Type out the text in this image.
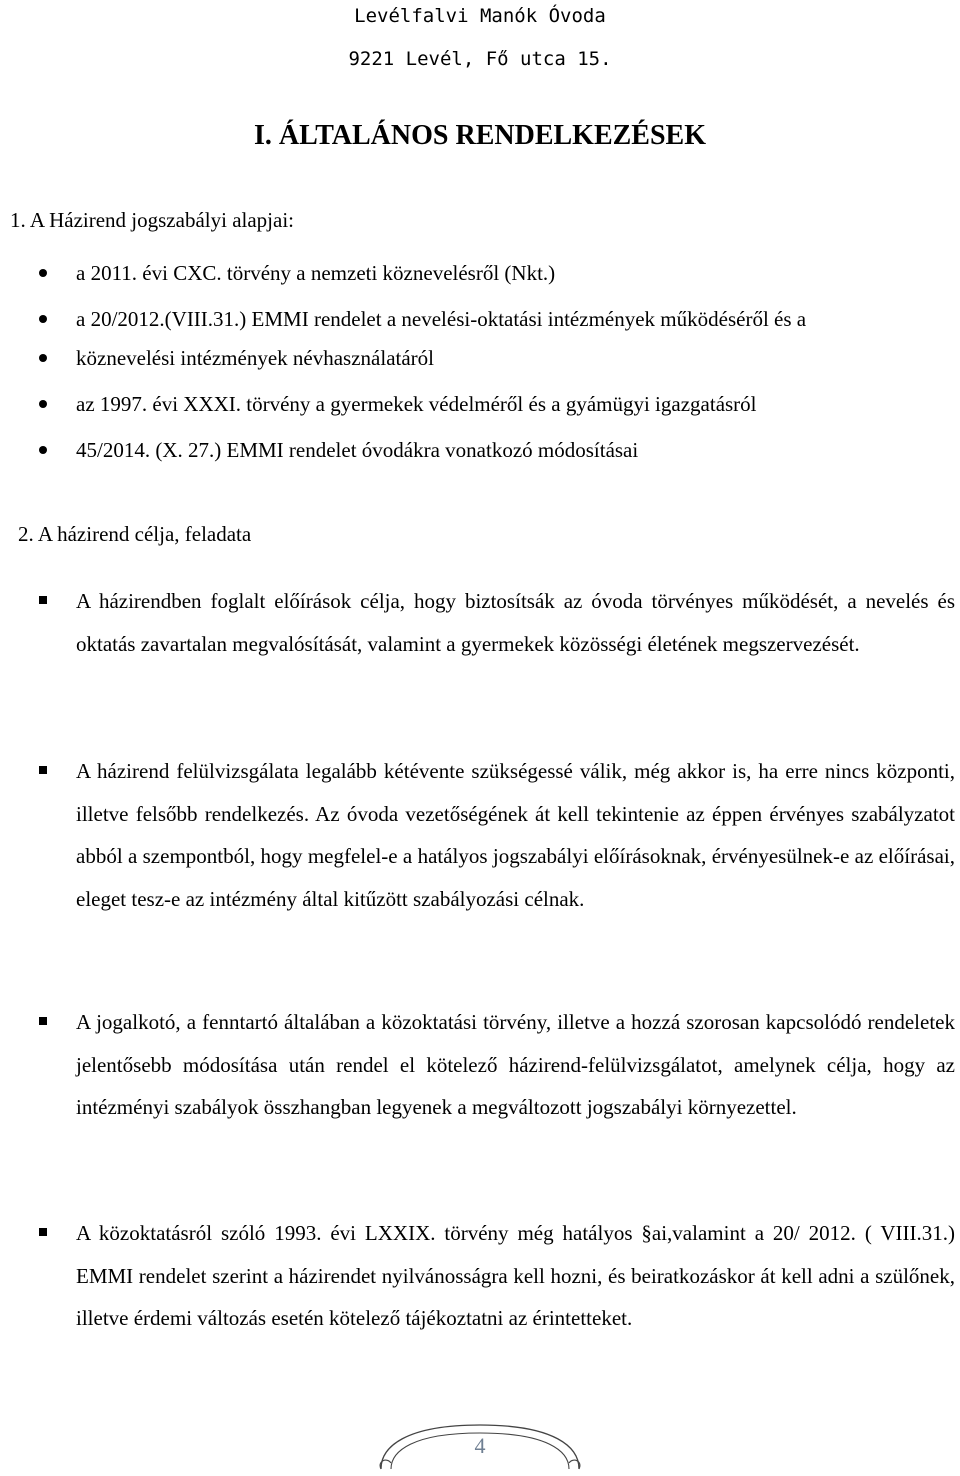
Levélfalvi Manók Óvoda
9221 Levél, Fő utca 15.
I. ÁLTALÁNOS RENDELKEZÉSEK
1. A Házirend jogszabályi alapjai:
a 2011. évi CXC. törvény a nemzeti köznevelésről (Nkt.)
a 20/2012.(VIII.31.) EMMI rendelet a nevelési-oktatási intézmények működéséről és a
köznevelési intézmények névhasználatáról
az 1997. évi XXXI. törvény a gyermekek védelméről és a gyámügyi igazgatásról
45/2014. (X. 27.) EMMI rendelet óvodákra vonatkozó módosításai
2. A házirend célja, feladata
A házirendben foglalt előírások célja, hogy biztosítsák az óvoda törvényes működését, a nevelés és oktatás zavartalan megvalósítását, valamint a gyermekek közösségi életének megszervezését.
A házirend felülvizsgálata legalább kétévente szükségessé válik, még akkor is, ha erre nincs központi, illetve felsőbb rendelkezés. Az óvoda vezetőségének át kell tekintenie az éppen érvényes szabályzatot abból a szempontból, hogy megfelel-e a hatályos jogszabályi előírásoknak, érvényesülnek-e az előírásai, eleget tesz-e az intézmény által kitűzött szabályozási célnak.
A jogalkotó, a fenntartó általában a közoktatási törvény, illetve a hozzá szorosan kapcsolódó rendeletek jelentősebb módosítása után rendel el kötelező házirend-felülvizsgálatot, amelynek célja, hogy az intézményi szabályok összhangban legyenek a megváltozott jogszabályi környezettel.
A közoktatásról szóló 1993. évi LXXIX. törvény még hatályos §ai,valamint a 20/ 2012. ( VIII.31.) EMMI rendelet szerint a házirendet nyilvánosságra kell hozni, és beiratkozáskor át kell adni a szülőnek, illetve érdemi változás esetén kötelező tájékoztatni az érintetteket.
4
